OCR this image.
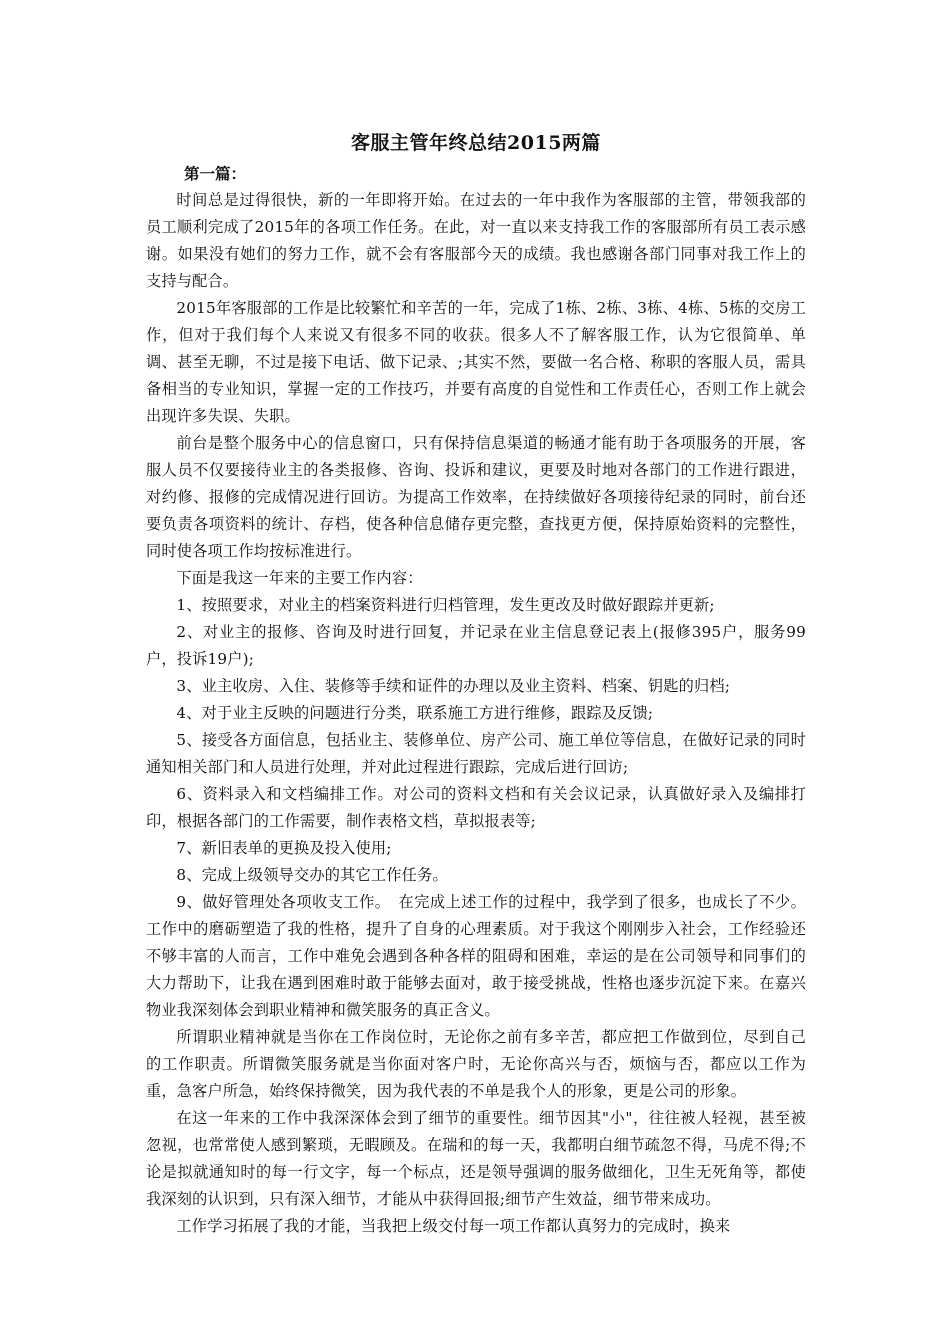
客服主管年终总结2015两篇

第一篇：

时间总是过得很快，新的一年即将开始。在过去的一年中我作为客服部的主管，带领我部的员工顺利完成了2015年的各项工作任务。在此，对一直以来支持我工作的客服部所有员工表示感谢。如果没有她们的努力工作，就不会有客服部今天的成绩。我也感谢各部门同事对我工作上的支持与配合。

2015年客服部的工作是比较繁忙和辛苦的一年，完成了1栋、2栋、3栋、4栋、5栋的交房工作，但对于我们每个人来说又有很多不同的收获。很多人不了解客服工作，认为它很简单、单调、甚至无聊，不过是接下电话、做下记录、;其实不然，要做一名合格、称职的客服人员，需具备相当的专业知识，掌握一定的工作技巧，并要有高度的自觉性和工作责任心，否则工作上就会出现许多失误、失职。

前台是整个服务中心的信息窗口，只有保持信息渠道的畅通才能有助于各项服务的开展，客服人员不仅要接待业主的各类报修、咨询、投诉和建议，更要及时地对各部门的工作进行跟进，对约修、报修的完成情况进行回访。为提高工作效率，在持续做好各项接待纪录的同时，前台还要负责各项资料的统计、存档，使各种信息储存更完整，查找更方便，保持原始资料的完整性，同时使各项工作均按标准进行。

下面是我这一年来的主要工作内容：

1、按照要求，对业主的档案资料进行归档管理，发生更改及时做好跟踪并更新;

2、对业主的报修、咨询及时进行回复，并记录在业主信息登记表上(报修395户，服务99户，投诉19户);

3、业主收房、入住、装修等手续和证件的办理以及业主资料、档案、钥匙的归档;

4、对于业主反映的问题进行分类，联系施工方进行维修，跟踪及反馈;

5、接受各方面信息，包括业主、装修单位、房产公司、施工单位等信息，在做好记录的同时通知相关部门和人员进行处理，并对此过程进行跟踪，完成后进行回访;

6、资料录入和文档编排工作。对公司的资料文档和有关会议记录，认真做好录入及编排打印，根据各部门的工作需要，制作表格文档，草拟报表等;

7、新旧表单的更换及投入使用;

8、完成上级领导交办的其它工作任务。

9、做好管理处各项收支工作。　在完成上述工作的过程中，我学到了很多，也成长了不少。工作中的磨砺塑造了我的性格，提升了自身的心理素质。对于我这个刚刚步入社会，工作经验还不够丰富的人而言，工作中难免会遇到各种各样的阻碍和困难，幸运的是在公司领导和同事们的大力帮助下，让我在遇到困难时敢于能够去面对，敢于接受挑战，性格也逐步沉淀下来。在嘉兴物业我深刻体会到职业精神和微笑服务的真正含义。

所谓职业精神就是当你在工作岗位时，无论你之前有多辛苦，都应把工作做到位，尽到自己的工作职责。所谓微笑服务就是当你面对客户时，无论你高兴与否，烦恼与否，都应以工作为重，急客户所急，始终保持微笑，因为我代表的不单是我个人的形象，更是公司的形象。

在这一年来的工作中我深深体会到了细节的重要性。细节因其"小"，往往被人轻视，甚至被忽视，也常常使人感到繁琐，无暇顾及。在瑞和的每一天，我都明白细节疏忽不得，马虎不得;不论是拟就通知时的每一行文字，每一个标点，还是领导强调的服务做细化，卫生无死角等，都使我深刻的认识到，只有深入细节，才能从中获得回报;细节产生效益，细节带来成功。

工作学习拓展了我的才能，当我把上级交付每一项工作都认真努力的完成时，换来
